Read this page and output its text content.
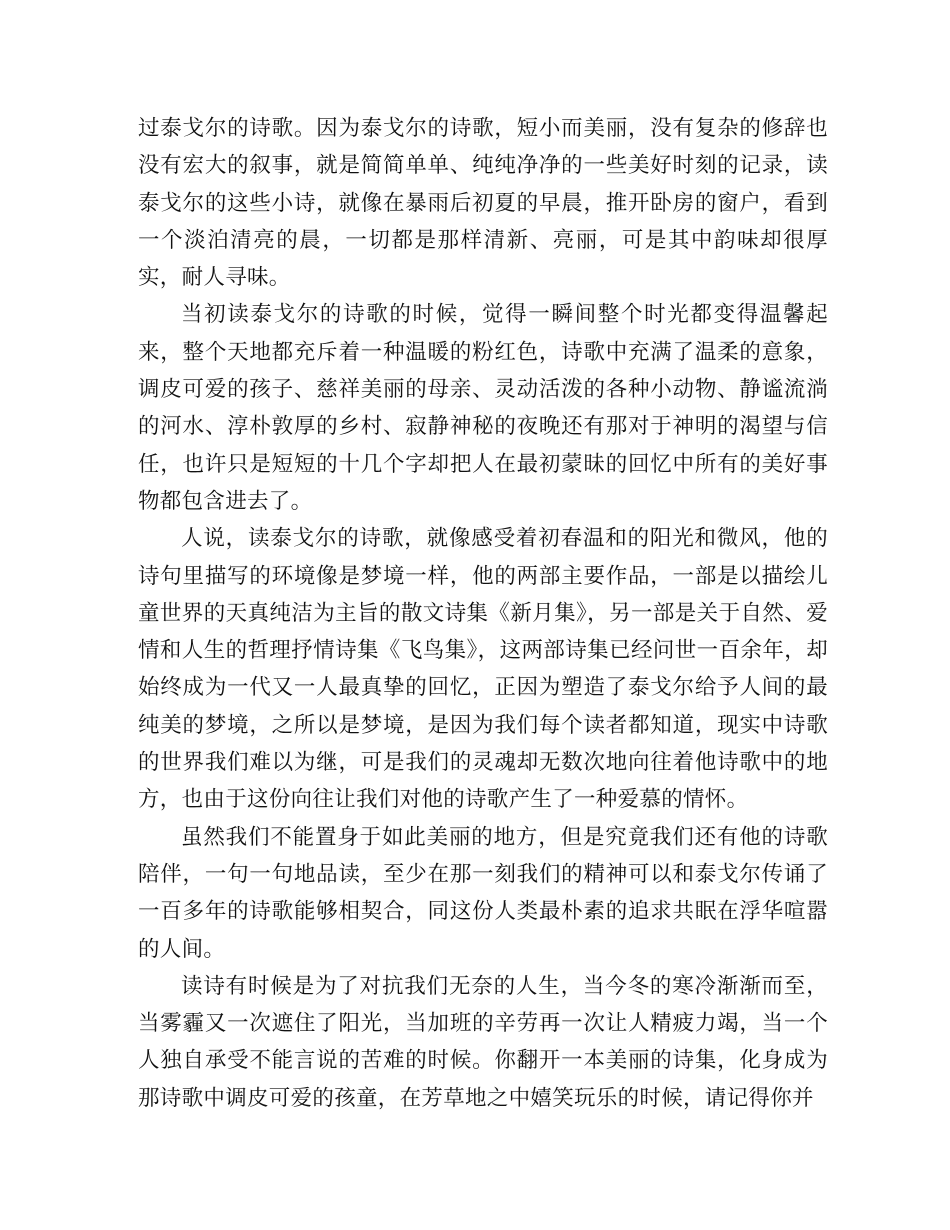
过泰戈尔的诗歌。因为泰戈尔的诗歌，短小而美丽，没有复杂的修辞也没有宏大的叙事，就是简简单单、纯纯净净的一些美好时刻的记录，读泰戈尔的这些小诗，就像在暴雨后初夏的早晨，推开卧房的窗户，看到一个淡泊清亮的晨，一切都是那样清新、亮丽，可是其中韵味却很厚实，耐人寻味。

当初读泰戈尔的诗歌的时候，觉得一瞬间整个时光都变得温馨起来，整个天地都充斥着一种温暖的粉红色，诗歌中充满了温柔的意象，调皮可爱的孩子、慈祥美丽的母亲、灵动活泼的各种小动物、静谧流淌的河水、淳朴敦厚的乡村、寂静神秘的夜晚还有那对于神明的渴望与信任，也许只是短短的十几个字却把人在最初蒙昧的回忆中所有的美好事物都包含进去了。

人说，读泰戈尔的诗歌，就像感受着初春温和的阳光和微风，他的诗句里描写的环境像是梦境一样，他的两部主要作品，一部是以描绘儿童世界的天真纯洁为主旨的散文诗集《新月集》，另一部是关于自然、爱情和人生的哲理抒情诗集《飞鸟集》，这两部诗集已经问世一百余年，却始终成为一代又一人最真挚的回忆，正因为塑造了泰戈尔给予人间的最纯美的梦境，之所以是梦境，是因为我们每个读者都知道，现实中诗歌的世界我们难以为继，可是我们的灵魂却无数次地向往着他诗歌中的地方，也由于这份向往让我们对他的诗歌产生了一种爱慕的情怀。

虽然我们不能置身于如此美丽的地方，但是究竟我们还有他的诗歌陪伴，一句一句地品读，至少在那一刻我们的精神可以和泰戈尔传诵了一百多年的诗歌能够相契合，同这份人类最朴素的追求共眠在浮华喧嚣的人间。

读诗有时候是为了对抗我们无奈的人生，当今冬的寒冷渐渐而至，当雾霾又一次遮住了阳光，当加班的辛劳再一次让人精疲力竭，当一个人独自承受不能言说的苦难的时候。你翻开一本美丽的诗集，化身成为那诗歌中调皮可爱的孩童，在芳草地之中嬉笑玩乐的时候，请记得你并
